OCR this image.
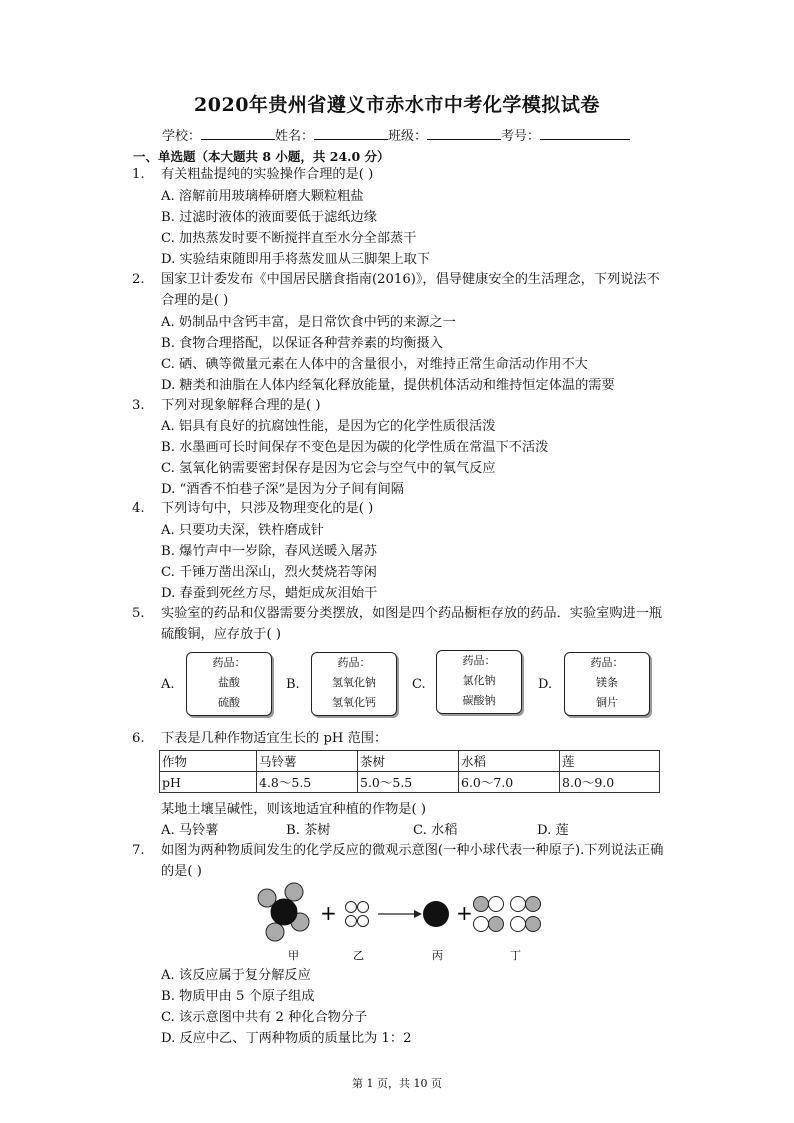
2020年贵州省遵义市赤水市中考化学模拟试卷
学校：	姓名：	班级：	考号：
一、单选题（本大题共 8 小题，共 24.0 分）
1.	有关粗盐提纯的实验操作合理的是( )
A. 溶解前用玻璃棒研磨大颗粒粗盐
B. 过滤时液体的液面要低于滤纸边缘
C. 加热蒸发时要不断搅拌直至水分全部蒸干
D. 实验结束随即用手将蒸发皿从三脚架上取下
2.	国家卫计委发布《中国居民膳食指南(2016)》，倡导健康安全的生活理念，下列说法不合理的是( )
A. 奶制品中含钙丰富，是日常饮食中钙的来源之一
B. 食物合理搭配，以保证各种营养素的均衡摄入
C. 硒、碘等微量元素在人体中的含量很小，对维持正常生命活动作用不大
D. 糖类和油脂在人体内经氧化释放能量，提供机体活动和维持恒定体温的需要
3.	下列对现象解释合理的是( )
A. 铝具有良好的抗腐蚀性能，是因为它的化学性质很活泼
B. 水墨画可长时间保存不变色是因为碳的化学性质在常温下不活泼
C. 氢氧化钠需要密封保存是因为它会与空气中的氧气反应
D. “酒香不怕巷子深”是因为分子间有间隔
4.	下列诗句中，只涉及物理变化的是( )
A. 只要功夫深，铁杵磨成针
B. 爆竹声中一岁除，春风送暖入屠苏
C. 千锤万凿出深山，烈火焚烧若等闲
D. 春蚕到死丝方尽，蜡炬成灰泪始干
5.	实验室的药品和仪器需要分类摆放，如图是四个药品橱柜存放的药品．实验室购进一瓶硫酸铜，应存放于( )
A.
药品：
盐酸
硫酸
B.
药品：
氢氧化钠
氢氧化钙
C.
药品：
氯化钠
碳酸钠
D.
药品：
镁条
铜片
6.	下表是几种作物适宜生长的 pH 范围：
作物	马铃薯	茶树	水稻	莲
pH	4.8～5.5	5.0～5.5	6.0～7.0	8.0～9.0
某地土壤呈碱性，则该地适宜种植的作物是( )
A. 马铃薯	B. 茶树	C. 水稻	D. 莲
7.	如图为两种物质间发生的化学反应的微观示意图(一种小球代表一种原子).下列说法正确的是( )
+	+
甲	乙	丙	丁
A. 该反应属于复分解反应
B. 物质甲由 5 个原子组成
C. 该示意图中共有 2 种化合物分子
D. 反应中乙、丁两种物质的质量比为 1：2
第 1 页，共 10 页
